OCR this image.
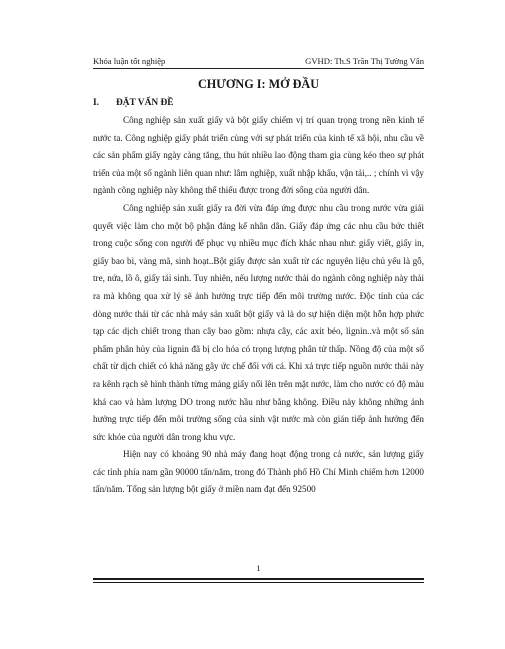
Khóa luận tốt nghiệp	GVHD: Th.S Trần Thị Tường Vân
CHƯƠNG I: MỞ ĐẦU
I. ĐẶT VẤN ĐỀ

Công nghiệp sản xuất giấy và bột giấy chiếm vị trí quan trọng trong nền kinh tế nước ta. Công nghiệp giấy phát triển cùng với sự phát triển của kinh tế xã hội, nhu cầu về các sản phẩm giấy ngày càng tăng, thu hút nhiều lao động tham gia cùng kéo theo sự phát triển của một số ngành liên quan như: lâm nghiệp, xuất nhập khẩu, vận tải,.. ; chính vì vậy ngành công nghiệp này không thể thiếu được trong đời sống của người dân.

Công nghiệp sản xuất giấy ra đời vừa đáp ứng được nhu cầu trong nước vừa giải quyết việc làm cho một bộ phận đáng kể nhân dân. Giấy đáp ứng các nhu cầu bức thiết trong cuộc sống con người để phục vụ nhiều mục đích khác nhau như: giấy viết, giấy in, giấy bao bì, vàng mã, sinh hoạt..Bột giấy được sản xuất từ các nguyên liệu chủ yếu là gỗ, tre, nứa, lồ ô, giấy tái sinh. Tuy nhiên, nếu lượng nước thải do ngành công nghiệp này thải ra mà không qua xử lý sẽ ảnh hưởng trực tiếp đến môi trường nước. Độc tính của các dòng nước thải từ các nhà máy sản xuất bột giấy và là do sự hiện diện một hỗn hợp phức tạp các dịch chiết trong than cây bao gồm: nhựa cây, các axit béo, lignin..và một số sản phẩm phân hủy của lignin đã bị clo hóa có trọng lượng phân tử thấp. Nồng độ của một số chất từ dịch chiết có khả năng gây ức chế đối với cá. Khi xả trực tiếp nguồn nước thải này ra kênh rạch sẽ hình thành từng mảng giấy nổi lên trên mặt nước, làm cho nước có độ màu khá cao và hàm lượng DO trong nước hầu như bằng không. Điều này không những ảnh hưởng trực tiếp đến môi trường sống của sinh vật nước mà còn gián tiếp ảnh hưởng đến sức khỏe của người dân trong khu vực.

Hiện nay có khoảng 90 nhà máy đang hoạt động trong cả nước, sản lượng giấy các tỉnh phía nam gần 90000 tấn/năm, trong đó Thành phố Hồ Chí Minh chiếm hơn 12000 tấn/năm. Tổng sản lượng bột giấy ở miền nam đạt đến 92500

1
